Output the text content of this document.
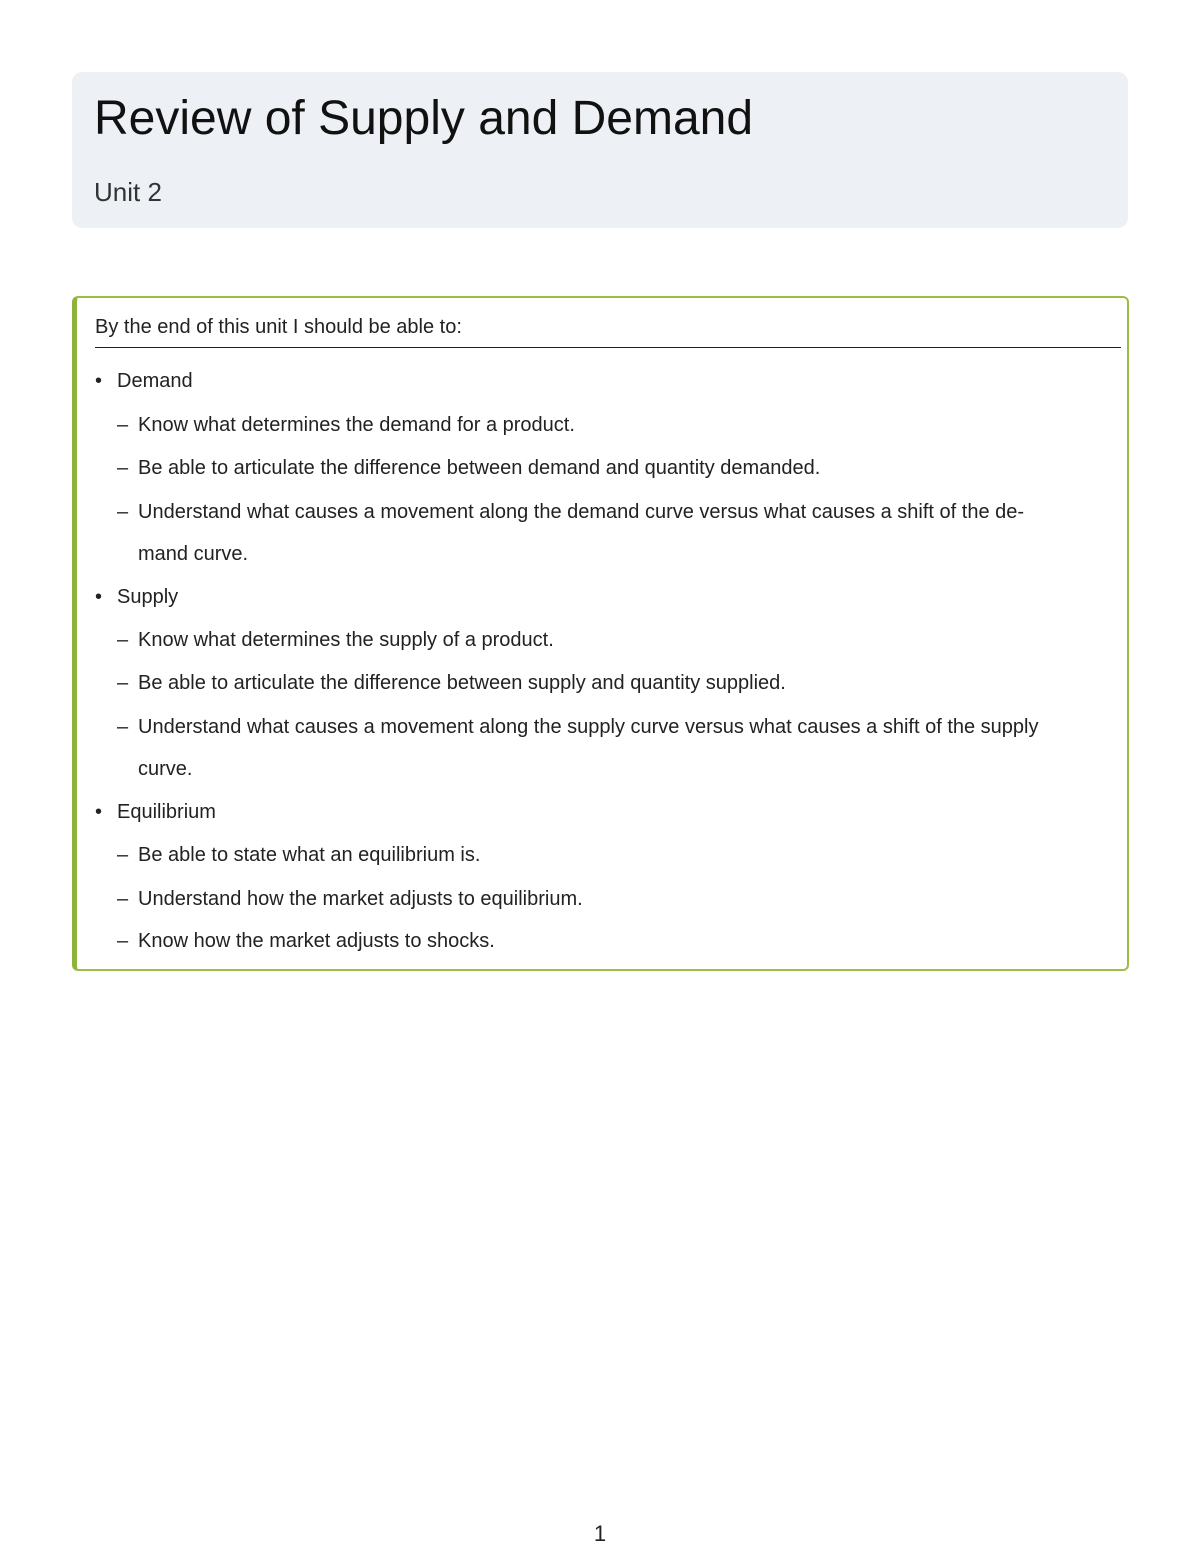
Review of Supply and Demand
Unit 2
By the end of this unit I should be able to:
• Demand
– Know what determines the demand for a product.
– Be able to articulate the difference between demand and quantity demanded.
– Understand what causes a movement along the demand curve versus what causes a shift of the de-
mand curve.
• Supply
– Know what determines the supply of a product.
– Be able to articulate the difference between supply and quantity supplied.
– Understand what causes a movement along the supply curve versus what causes a shift of the supply
curve.
• Equilibrium
– Be able to state what an equilibrium is.
– Understand how the market adjusts to equilibrium.
– Know how the market adjusts to shocks.
1
